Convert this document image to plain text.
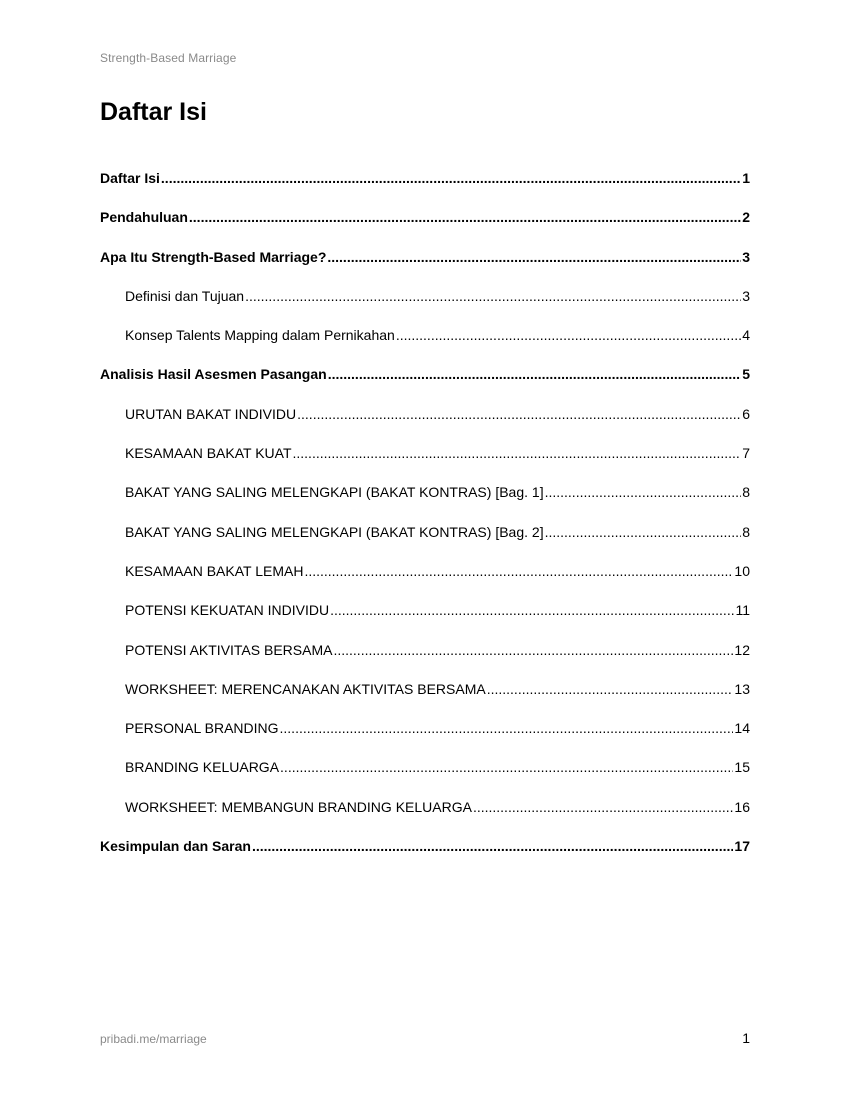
Strength-Based Marriage
Daftar Isi
Daftar Isi .....	1
Pendahuluan .....	2
Apa Itu Strength-Based Marriage? .....	3
Definisi dan Tujuan .....	3
Konsep Talents Mapping dalam Pernikahan .....	4
Analisis Hasil Asesmen Pasangan .....	5
URUTAN BAKAT INDIVIDU .....	6
KESAMAAN BAKAT KUAT .....	7
BAKAT YANG SALING MELENGKAPI (BAKAT KONTRAS) [Bag. 1] .....	8
BAKAT YANG SALING MELENGKAPI (BAKAT KONTRAS) [Bag. 2] .....	8
KESAMAAN BAKAT LEMAH .....	10
POTENSI KEKUATAN INDIVIDU .....	11
POTENSI AKTIVITAS BERSAMA .....	12
WORKSHEET: MERENCANAKAN AKTIVITAS BERSAMA .....	13
PERSONAL BRANDING .....	14
BRANDING KELUARGA .....	15
WORKSHEET: MEMBANGUN BRANDING KELUARGA .....	16
Kesimpulan dan Saran .....	17
pribadi.me/marriage	1
